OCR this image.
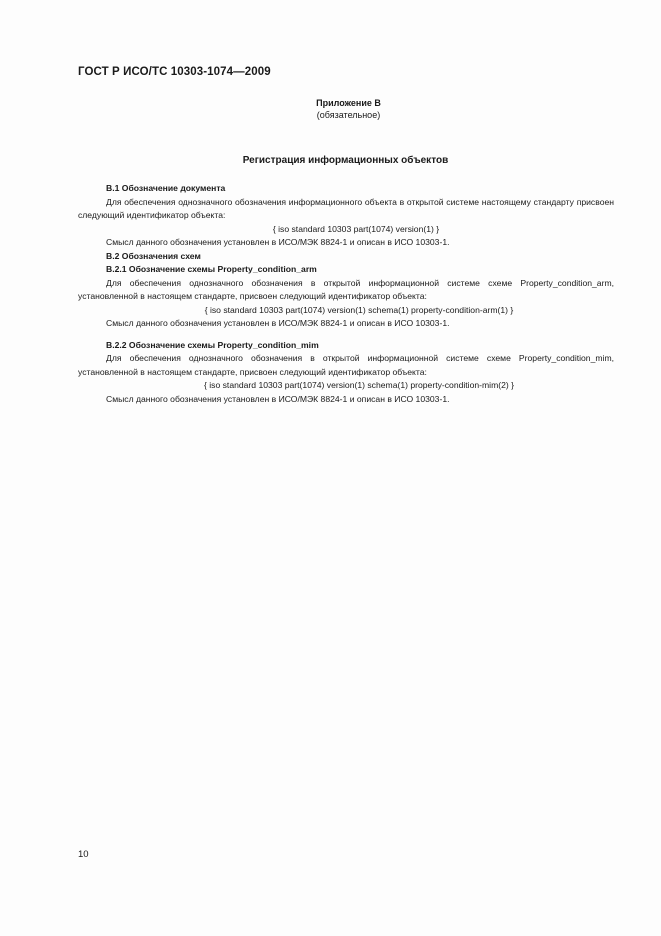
ГОСТ Р ИСО/ТС 10303-1074—2009
Приложение В
(обязательное)
Регистрация информационных объектов

В.1 Обозначение документа

Для обеспечения однозначного обозначения информационного объекта в открытой системе настоящему стандарту присвоен следующий идентификатор объекта:

{ iso standard 10303 part(1074) version(1) }

Смысл данного обозначения установлен в ИСО/МЭК 8824-1 и описан в ИСО 10303-1.

В.2 Обозначения схем

В.2.1 Обозначение схемы Property_condition_arm

Для обеспечения однозначного обозначения в открытой информационной системе схеме Property_condition_arm, установленной в настоящем стандарте, присвоен следующий идентификатор объекта:

{ iso standard 10303 part(1074) version(1) schema(1) property-condition-arm(1) }

Смысл данного обозначения установлен в ИСО/МЭК 8824-1 и описан в ИСО 10303-1.

В.2.2 Обозначение схемы Property_condition_mim

Для обеспечения однозначного обозначения в открытой информационной системе схеме Property_condition_mim, установленной в настоящем стандарте, присвоен следующий идентификатор объекта:

{ iso standard 10303 part(1074) version(1) schema(1) property-condition-mim(2) }

Смысл данного обозначения установлен в ИСО/МЭК 8824-1 и описан в ИСО 10303-1.

10
